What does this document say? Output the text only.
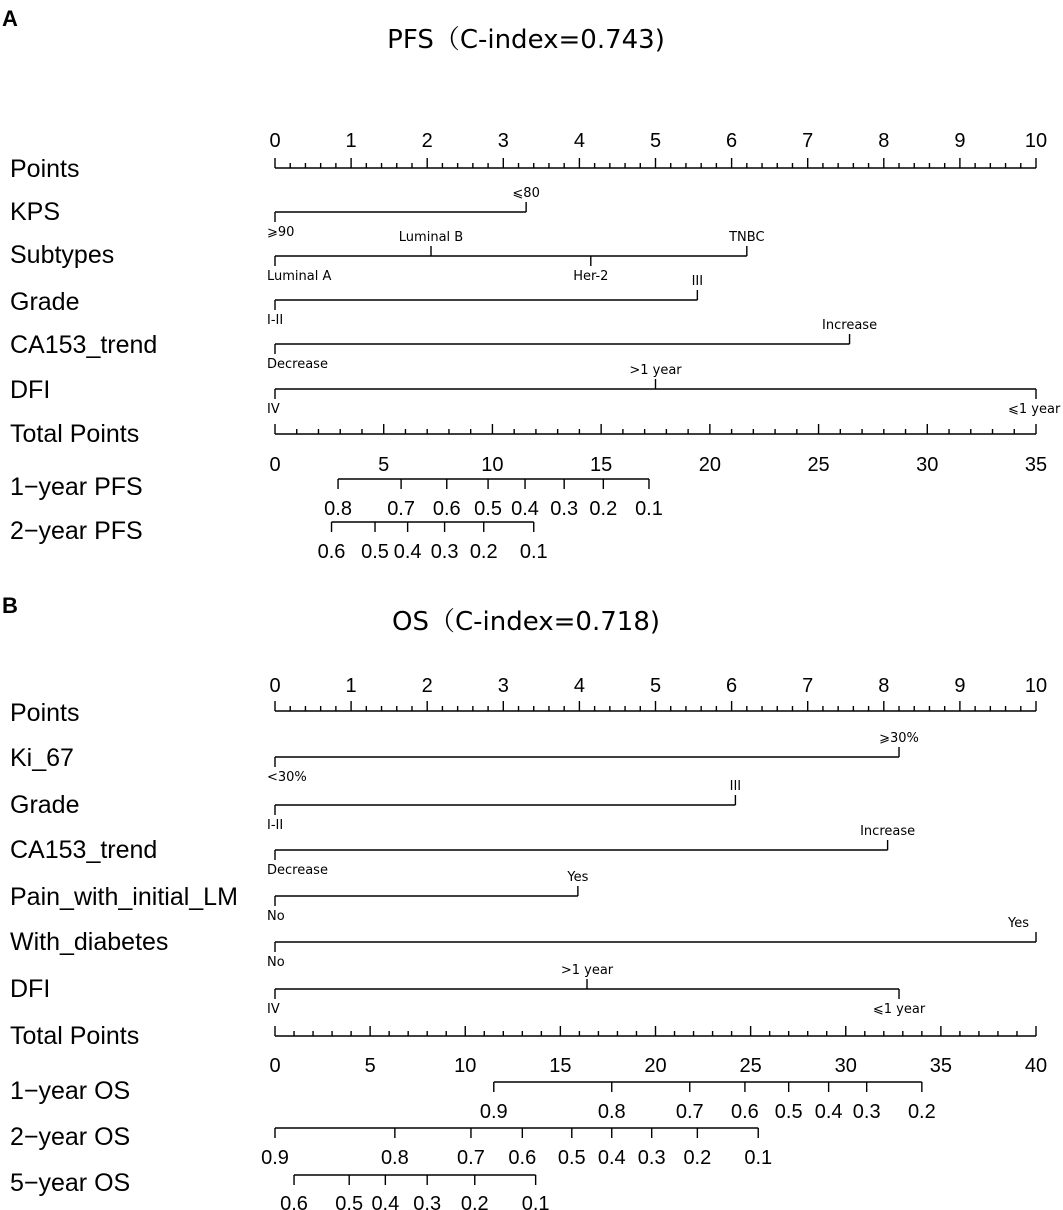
A
PFS（C-index=0.743)
Points
0	1	2	3	4	5	6	7	8	9	10
KPS
⩾90
⩽80
Subtypes
Luminal A
Luminal B
Her-2
TNBC
Grade
I-II
III
CA153_trend
Decrease
Increase
DFI
IV
>1 year
⩽1 year
Total Points
0	5	10	15	20	25	30	35
1−year PFS
0.8 0.7 0.6 0.5 0.4 0.3 0.2 0.1
2−year PFS
0.6 0.5 0.4 0.3 0.2 0.1
B
OS（C-index=0.718)
Points
0	1	2	3	4	5	6	7	8	9	10
Ki_67
<30%
⩾30%
Grade
I-II
III
CA153_trend
Decrease
Increase
Pain_with_initial_LM
No
Yes
With_diabetes
No
Yes
DFI
IV
>1 year
⩽1 year
Total Points
0	5	10	15	20	25	30	35	40
1−year OS
0.9	0.8	0.7 0.6 0.5 0.4 0.3 0.2
2−year OS
0.9	0.8 0.7 0.6 0.5 0.4 0.3 0.2 0.1
5−year OS
0.6 0.5 0.4 0.3 0.2 0.1
